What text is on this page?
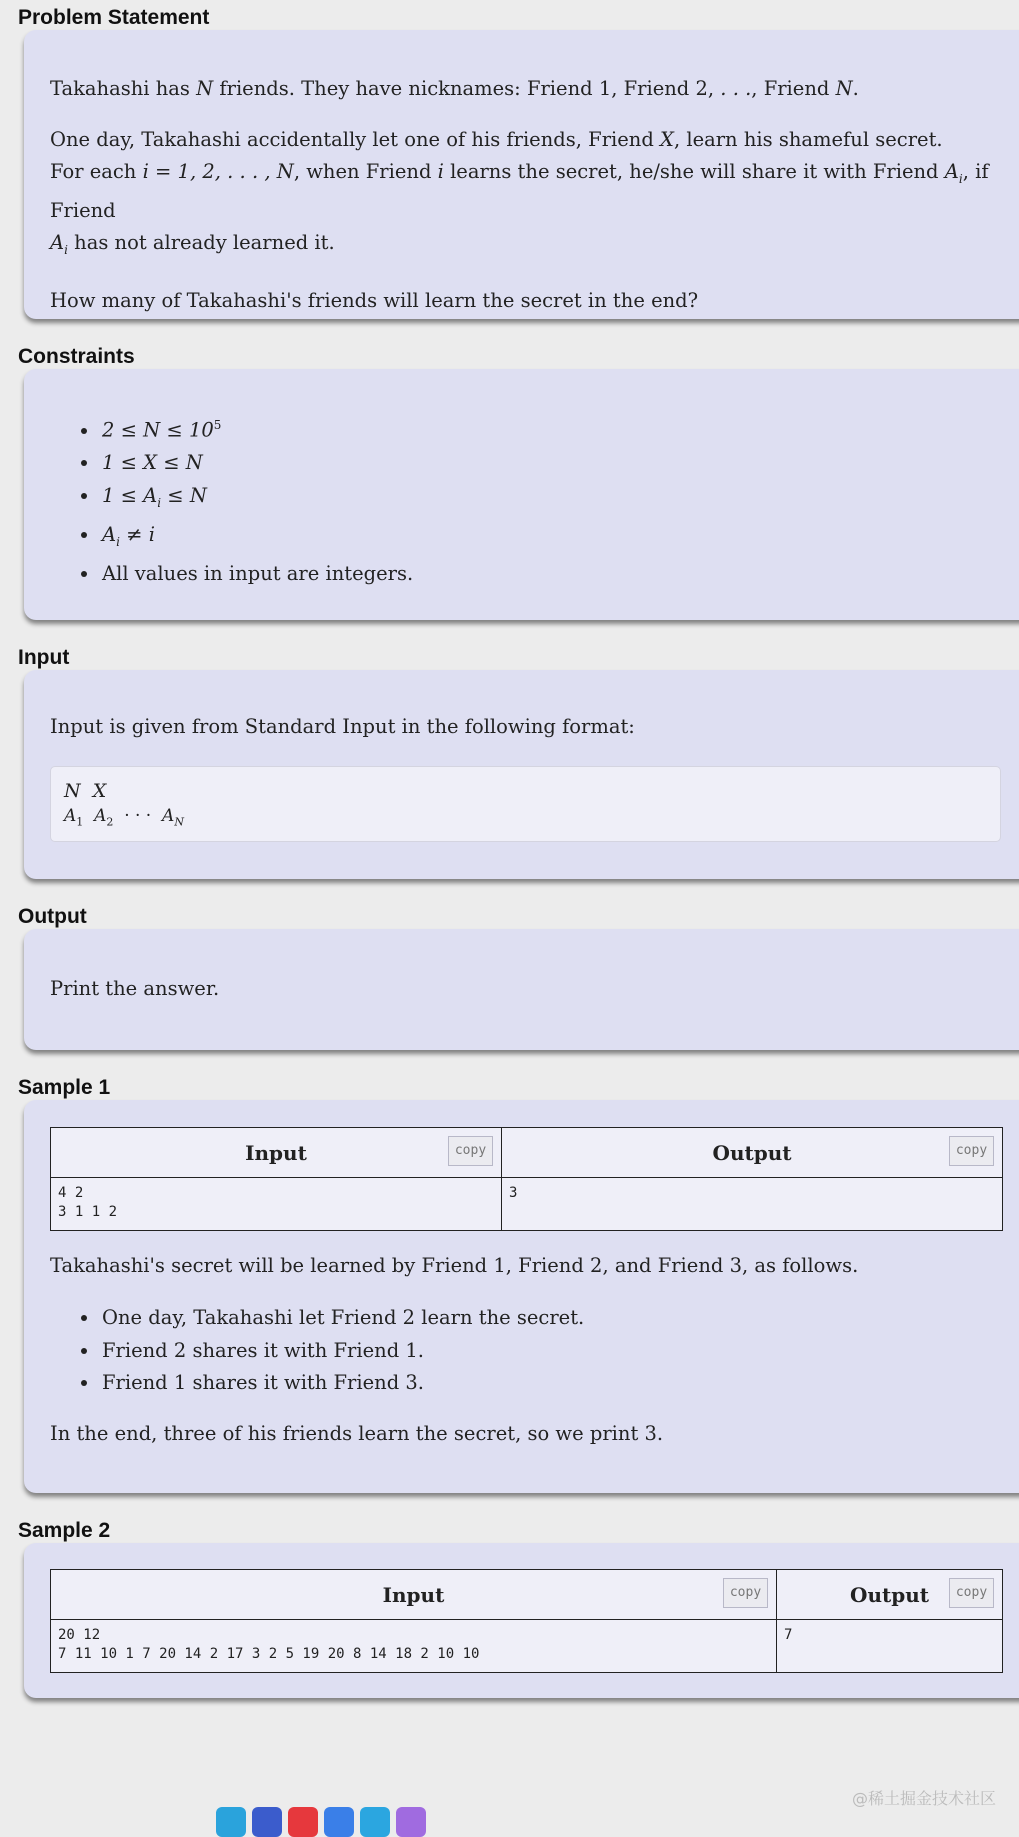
Problem Statement

Takahashi has N friends. They have nicknames: Friend 1, Friend 2, . . ., Friend N.

One day, Takahashi accidentally let one of his friends, Friend X, learn his shameful secret.
For each i = 1, 2, . . . , N, when Friend i learns the secret, he/she will share it with Friend $A_i$, if Friend
$A_i$ has not already learned it.

How many of Takahashi's friends will learn the secret in the end?

Constraints
• $2 \le N \le 10^5$
• 1 ≤ X ≤ N
• $1 \le A_i \le N$
• $A_i \ne i$
• All values in input are integers.
Input

Input is given from Standard Input in the following format:

N X
$A_1$ $A_2$ · · · $A_N$
Output

Print the answer.

Sample 1
Input copy	Output copy

4 2
3 1 1 2	3

Takahashi's secret will be learned by Friend 1, Friend 2, and Friend 3, as follows.

• One day, Takahashi let Friend 2 learn the secret.
• Friend 2 shares it with Friend 1.
• Friend 1 shares it with Friend 3.

In the end, three of his friends learn the secret, so we print 3.

Sample 2
Input copy	Output copy

20 12
7 11 10 1 7 20 14 2 17 3 2 5 19 20 8 14 18 2 10 10	7
@稀土掘金技术社区
